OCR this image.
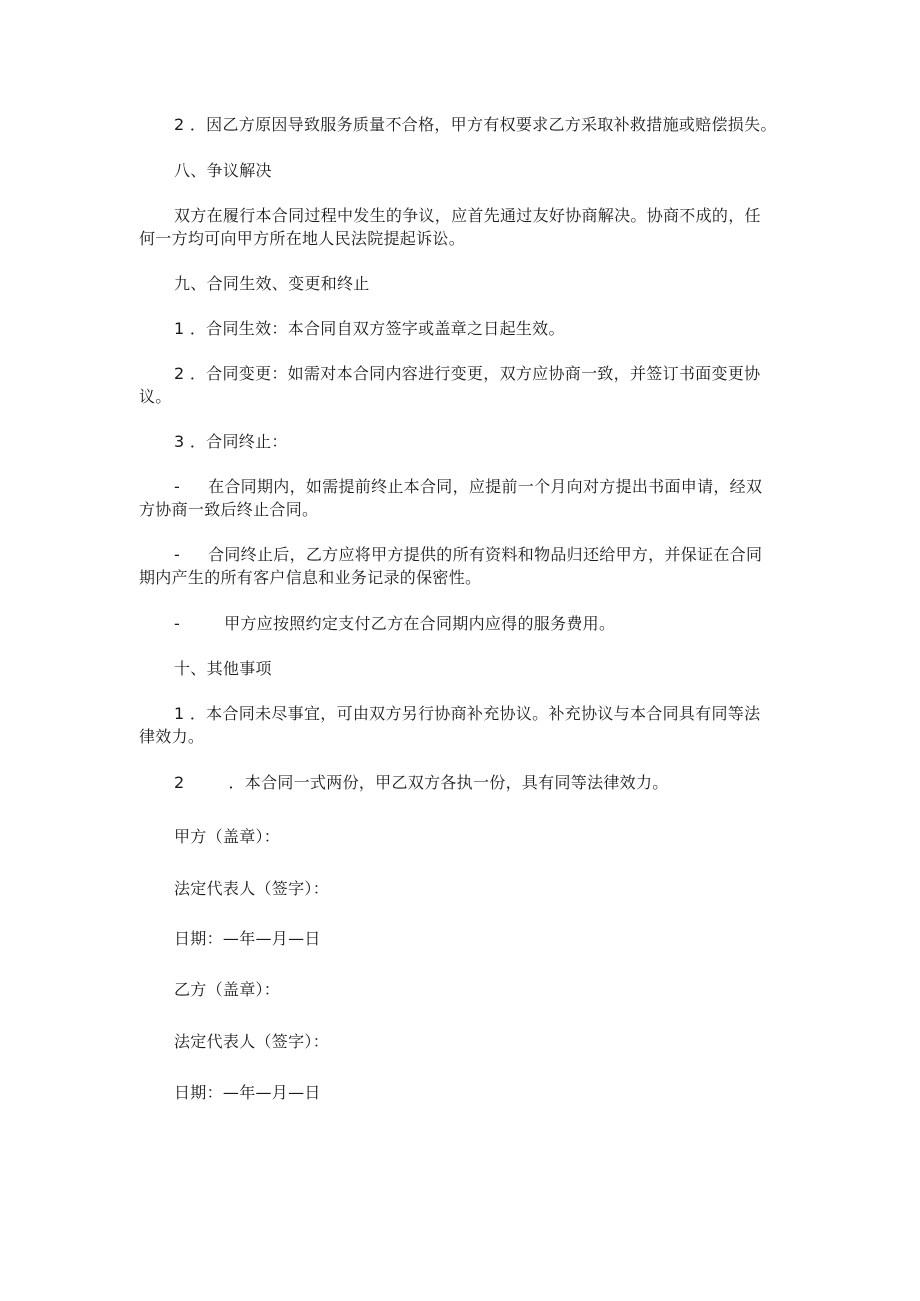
2 ．因乙方原因导致服务质量不合格，甲方有权要求乙方采取补救措施或赔偿损失。
八、争议解决
双方在履行本合同过程中发生的争议，应首先通过友好协商解决。协商不成的，任
何一方均可向甲方所在地人民法院提起诉讼。
九、合同生效、变更和终止
1 ．合同生效：本合同自双方签字或盖章之日起生效。
2 ．合同变更：如需对本合同内容进行变更，双方应协商一致，并签订书面变更协
议。
3 ．合同终止：
- 在合同期内，如需提前终止本合同，应提前一个月向对方提出书面申请，经双
方协商一致后终止合同。
- 合同终止后，乙方应将甲方提供的所有资料和物品归还给甲方，并保证在合同
期内产生的所有客户信息和业务记录的保密性。
-	甲方应按照约定支付乙方在合同期内应得的服务费用。
十、其他事项
1 ．本合同未尽事宜，可由双方另行协商补充协议。补充协议与本合同具有同等法
律效力。
2	．本合同一式两份，甲乙双方各执一份，具有同等法律效力。
甲方（盖章）：
法定代表人（签字）：
日期：—年—月—日
乙方（盖章）：
法定代表人（签字）：
日期：—年—月—日
